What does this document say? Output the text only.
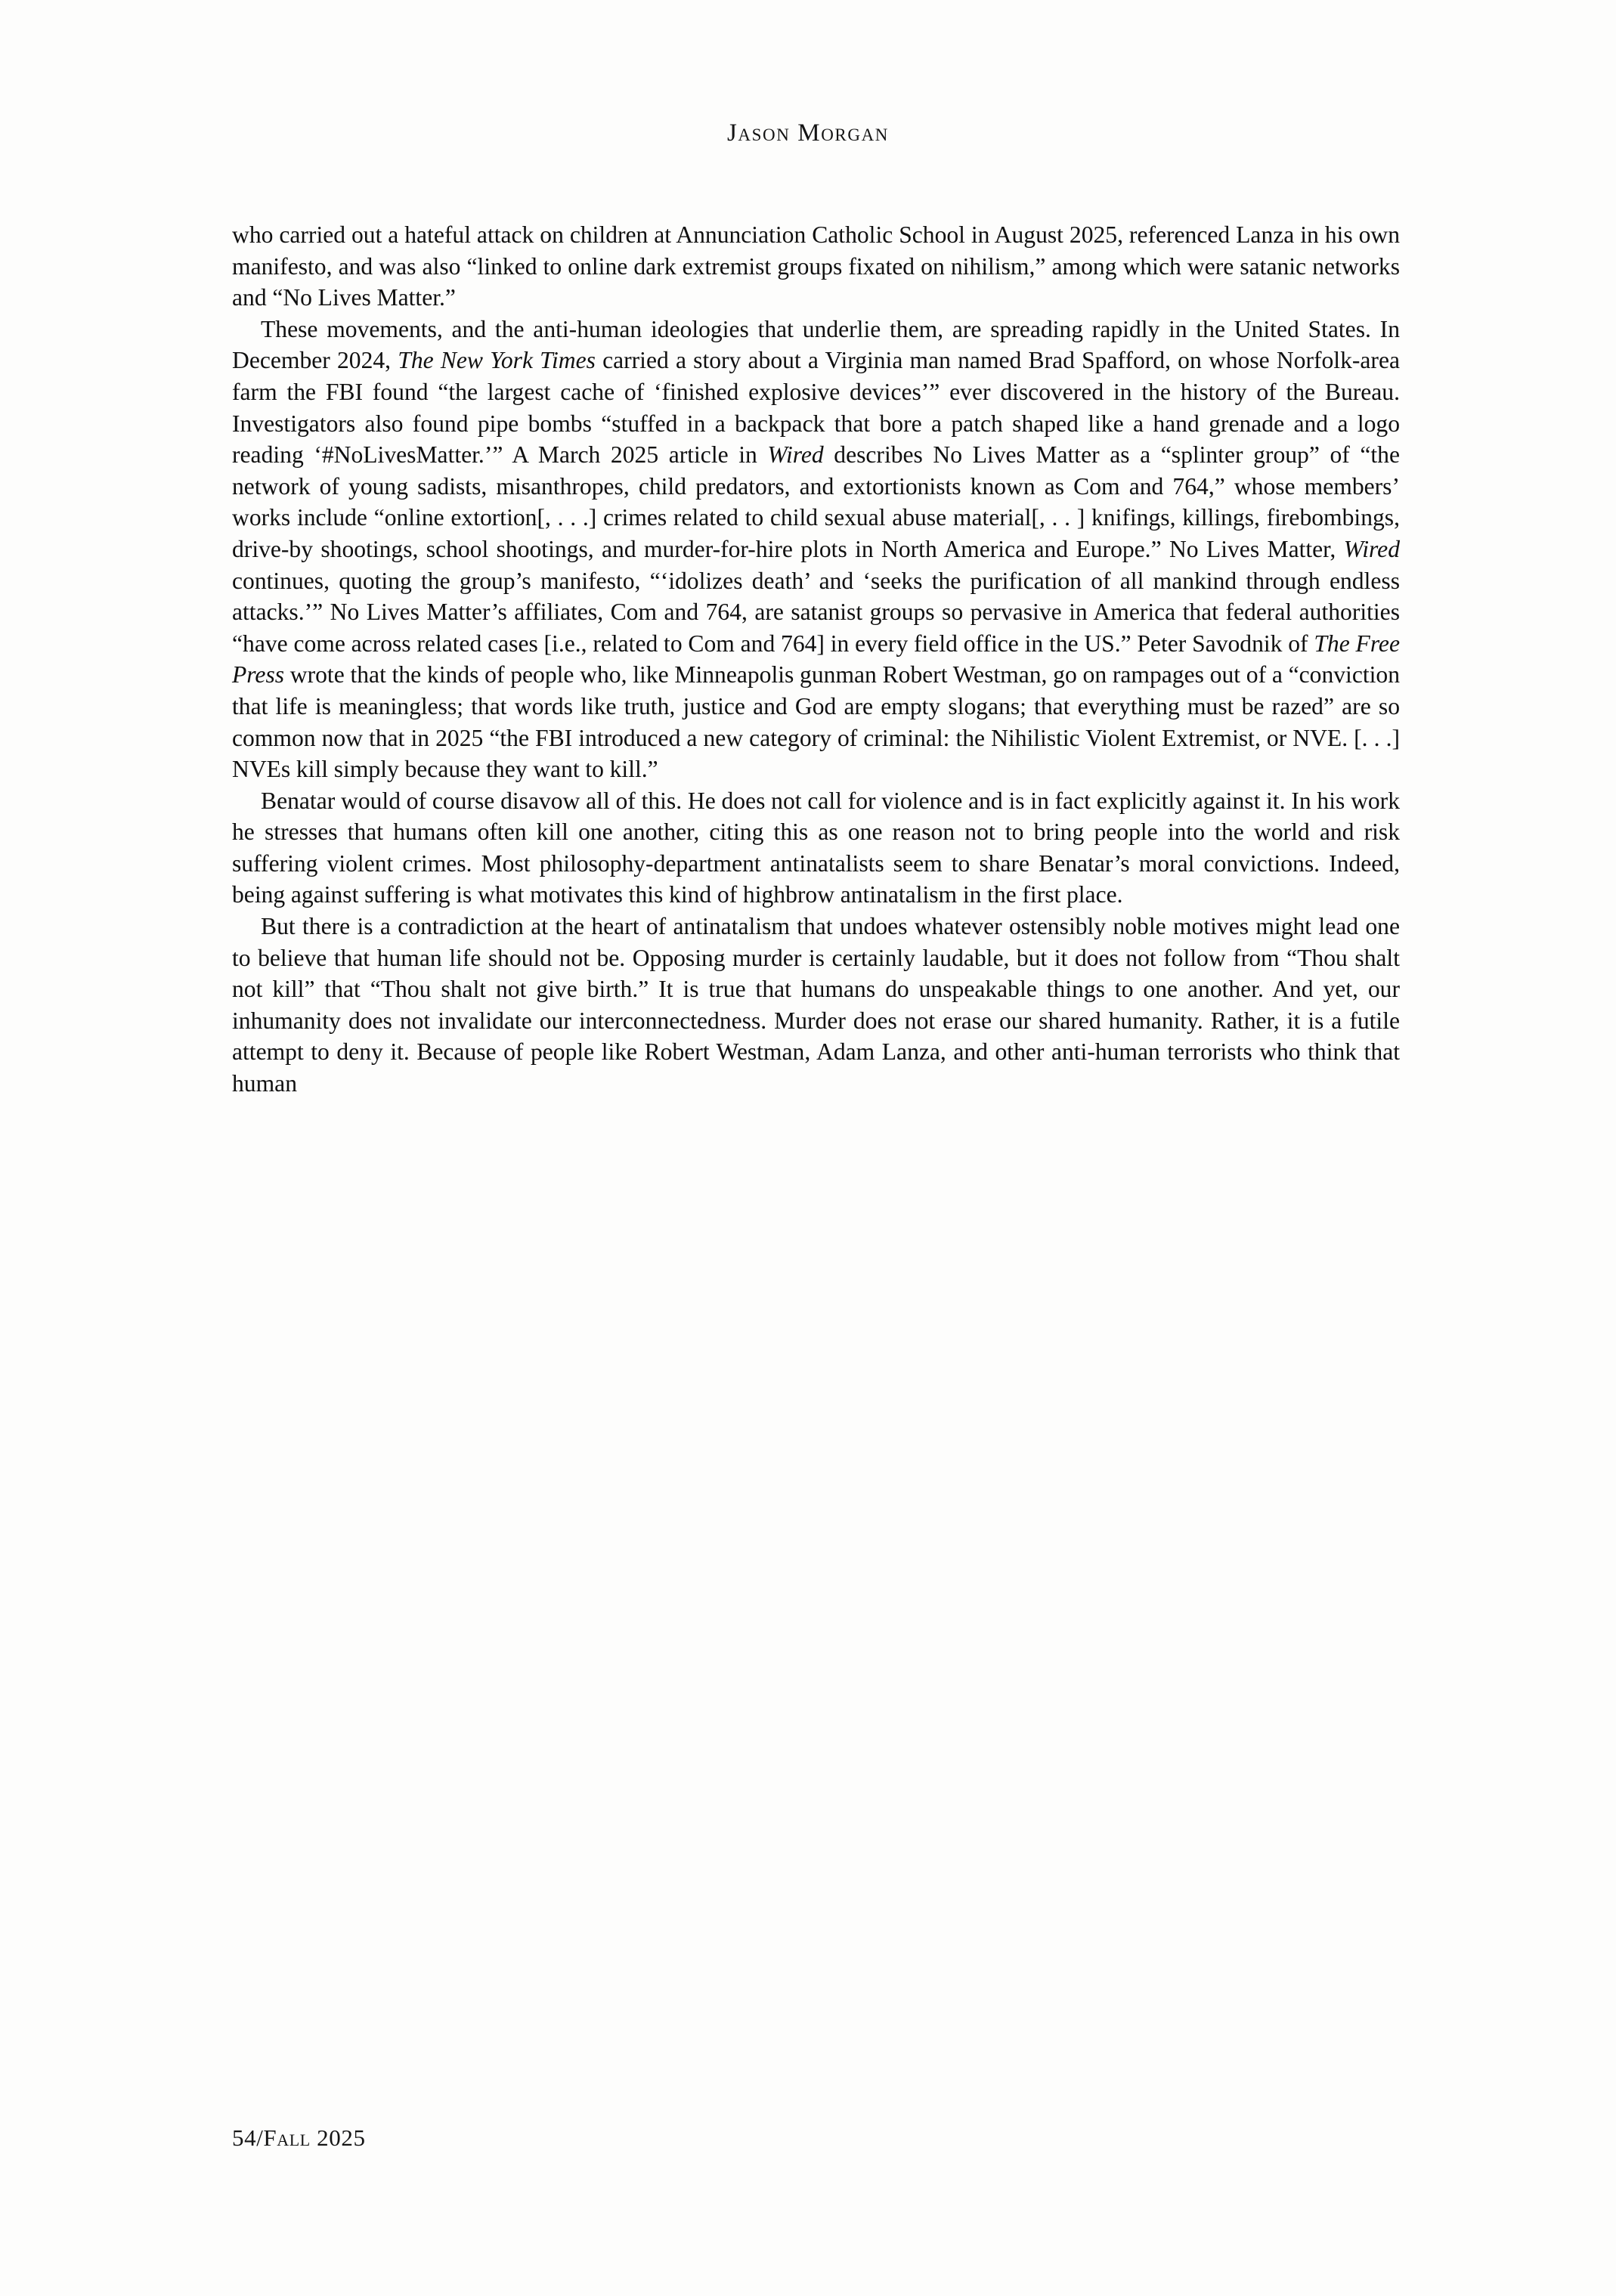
Jason Morgan

who carried out a hateful attack on children at Annunciation Catholic School in August 2025, referenced Lanza in his own manifesto, and was also “linked to online dark extremist groups fixated on nihilism,” among which were satanic networks and “No Lives Matter.”

These movements, and the anti-human ideologies that underlie them, are spreading rapidly in the United States. In December 2024, The New York Times carried a story about a Virginia man named Brad Spafford, on whose Norfolk-area farm the FBI found “the largest cache of ‘finished explosive devices’” ever discovered in the history of the Bureau. Investigators also found pipe bombs “stuffed in a backpack that bore a patch shaped like a hand grenade and a logo reading ‘#NoLivesMatter.’” A March 2025 article in Wired describes No Lives Matter as a “splinter group” of “the network of young sadists, misanthropes, child predators, and extortionists known as Com and 764,” whose members’ works include “online extortion[, . . .] crimes related to child sexual abuse material[, . . ] knifings, killings, firebombings, drive-by shootings, school shootings, and murder-for-hire plots in North America and Europe.” No Lives Matter, Wired continues, quoting the group’s manifesto, “‘idolizes death’ and ‘seeks the purification of all mankind through endless attacks.’” No Lives Matter’s affiliates, Com and 764, are satanist groups so pervasive in America that federal authorities “have come across related cases [i.e., related to Com and 764] in every field office in the US.” Peter Savodnik of The Free Press wrote that the kinds of people who, like Minneapolis gunman Robert Westman, go on rampages out of a “conviction that life is meaningless; that words like truth, justice and God are empty slogans; that everything must be razed” are so common now that in 2025 “the FBI introduced a new category of criminal: the Nihilistic Violent Extremist, or NVE. [. . .] NVEs kill simply because they want to kill.”

Benatar would of course disavow all of this. He does not call for violence and is in fact explicitly against it. In his work he stresses that humans often kill one another, citing this as one reason not to bring people into the world and risk suffering violent crimes. Most philosophy-department antinatalists seem to share Benatar’s moral convictions. Indeed, being against suffering is what motivates this kind of highbrow antinatalism in the first place.

But there is a contradiction at the heart of antinatalism that undoes whatever ostensibly noble motives might lead one to believe that human life should not be. Opposing murder is certainly laudable, but it does not follow from “Thou shalt not kill” that “Thou shalt not give birth.” It is true that humans do unspeakable things to one another. And yet, our inhumanity does not invalidate our interconnectedness. Murder does not erase our shared humanity. Rather, it is a futile attempt to deny it. Because of people like Robert Westman, Adam Lanza, and other anti-human terrorists who think that human

54/Fall 2025
